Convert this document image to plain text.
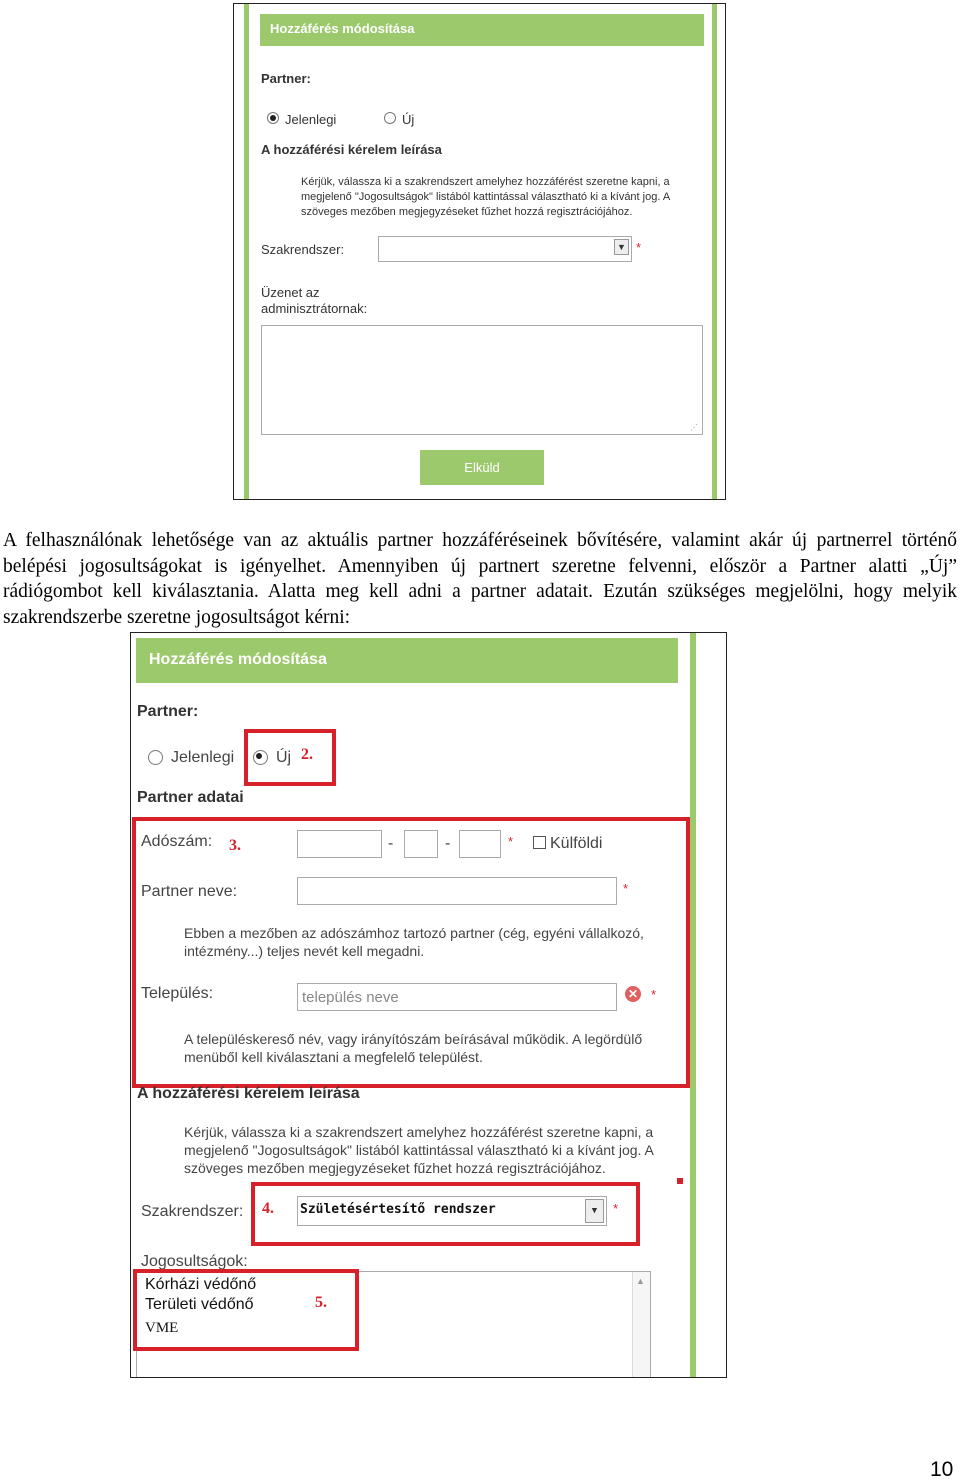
Hozzáférés módosítása
Partner:
Jelenlegi	Új
A hozzáférési kérelem leírása
Kérjük, válassza ki a szakrendszert amelyhez hozzáférést szeretne kapni, a
megjelenő "Jogosultságok" listából kattintással választható ki a kívánt jog. A
szöveges mezőben megjegyzéseket fűzhet hozzá regisztrációjához.
Szakrendszer:	▼ *
Üzenet az
adminisztrátornak:
⋰
Elküld

A felhasználónak lehetősége van az aktuális partner hozzáféréseinek bővítésére, valamint akár új partnerrel történő belépési jogosultságokat is igényelhet. Amennyiben új partnert szeretne felvenni, először a Partner alatti „Új” rádiógombot kell kiválasztania. Alatta meg kell adni a partner adatait. Ezután szükséges megjelölni, hogy melyik szakrendszerbe szeretne jogosultságot kérni:

Hozzáférés módosítása
Partner:
Jelenlegi	Új 2.
Partner adatai
Adószám: 3.	-	-	* Külföldi
Partner neve:	*
Ebben a mezőben az adószámhoz tartozó partner (cég, egyéni vállalkozó,
intézmény...) teljes nevét kell megadni.
Település:	település neve	✕ *
A településkereső név, vagy irányítószám beírásával működik. A legördülő
menüből kell kiválasztani a megfelelő települést.
A hozzáférési kérelem leírása
Kérjük, válassza ki a szakrendszert amelyhez hozzáférést szeretne kapni, a
megjelenő "Jogosultságok" listából kattintással választható ki a kívánt jog. A
szöveges mezőben megjegyzéseket fűzhet hozzá regisztrációjához.
Szakrendszer: 4. Születésértesítő rendszer	▼	*
Jogosultságok:
Kórházi védőnő
Területi védőnő
VME
▲
5.
10
